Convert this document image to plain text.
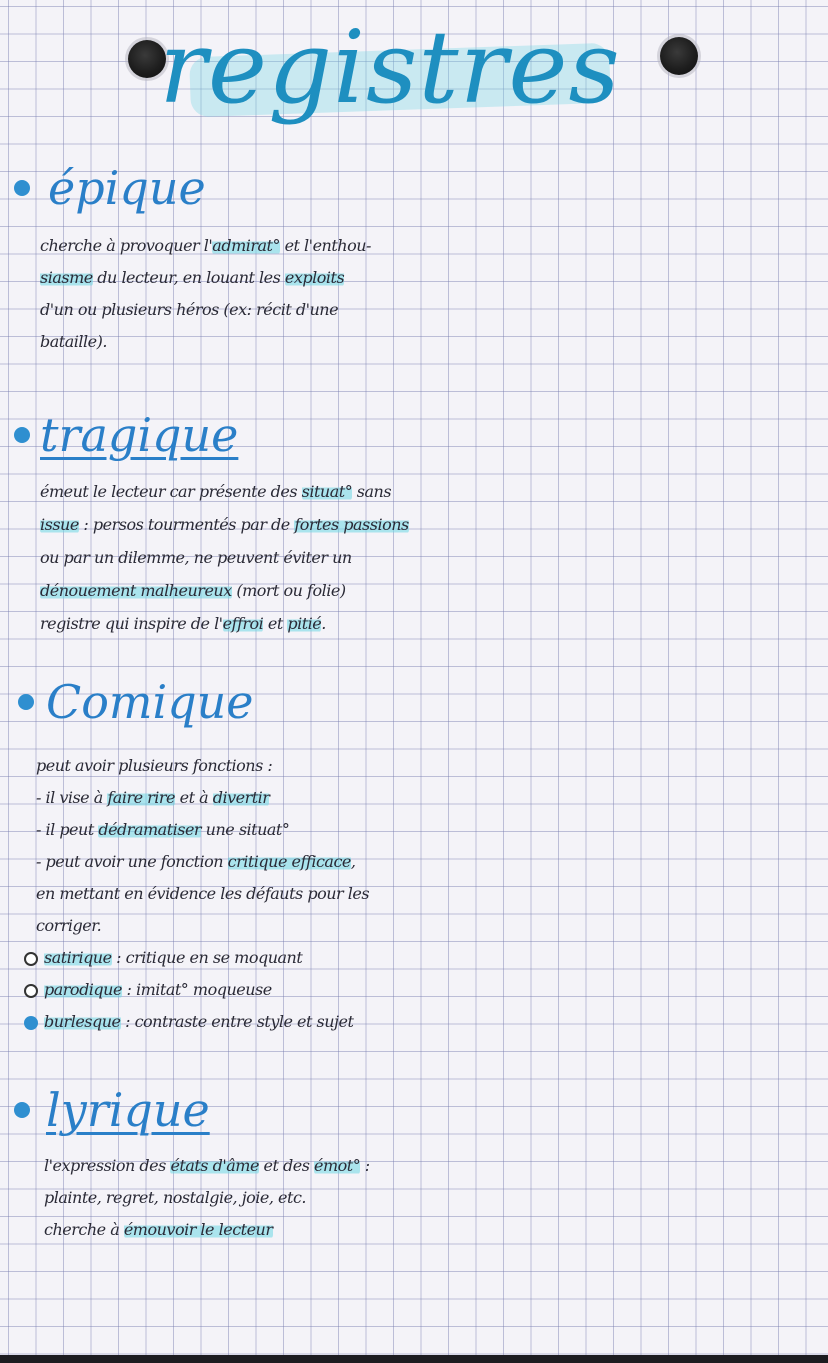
registres
épique
cherche à provoquer l'admirat° et l'enthou-
siasme du lecteur, en louant les exploits
d'un ou plusieurs héros (ex: récit d'une
bataille).
tragique
émeut le lecteur car présente des situat° sans
issue : persos tourmentés par de fortes passions
ou par un dilemme, ne peuvent éviter un
dénouement malheureux (mort ou folie)
registre qui inspire de l'effroi et pitié.
Comique
peut avoir plusieurs fonctions :
- il vise à faire rire et à divertir
- il peut dédramatiser une situat°
- peut avoir une fonction critique efficace,
en mettant en évidence les défauts pour les
corriger.
satirique : critique en se moquant
parodique : imitat° moqueuse
burlesque : contraste entre style et sujet
lyrique
l'expression des états d'âme et des émot° :
plainte, regret, nostalgie, joie, etc.
cherche à émouvoir le lecteur
